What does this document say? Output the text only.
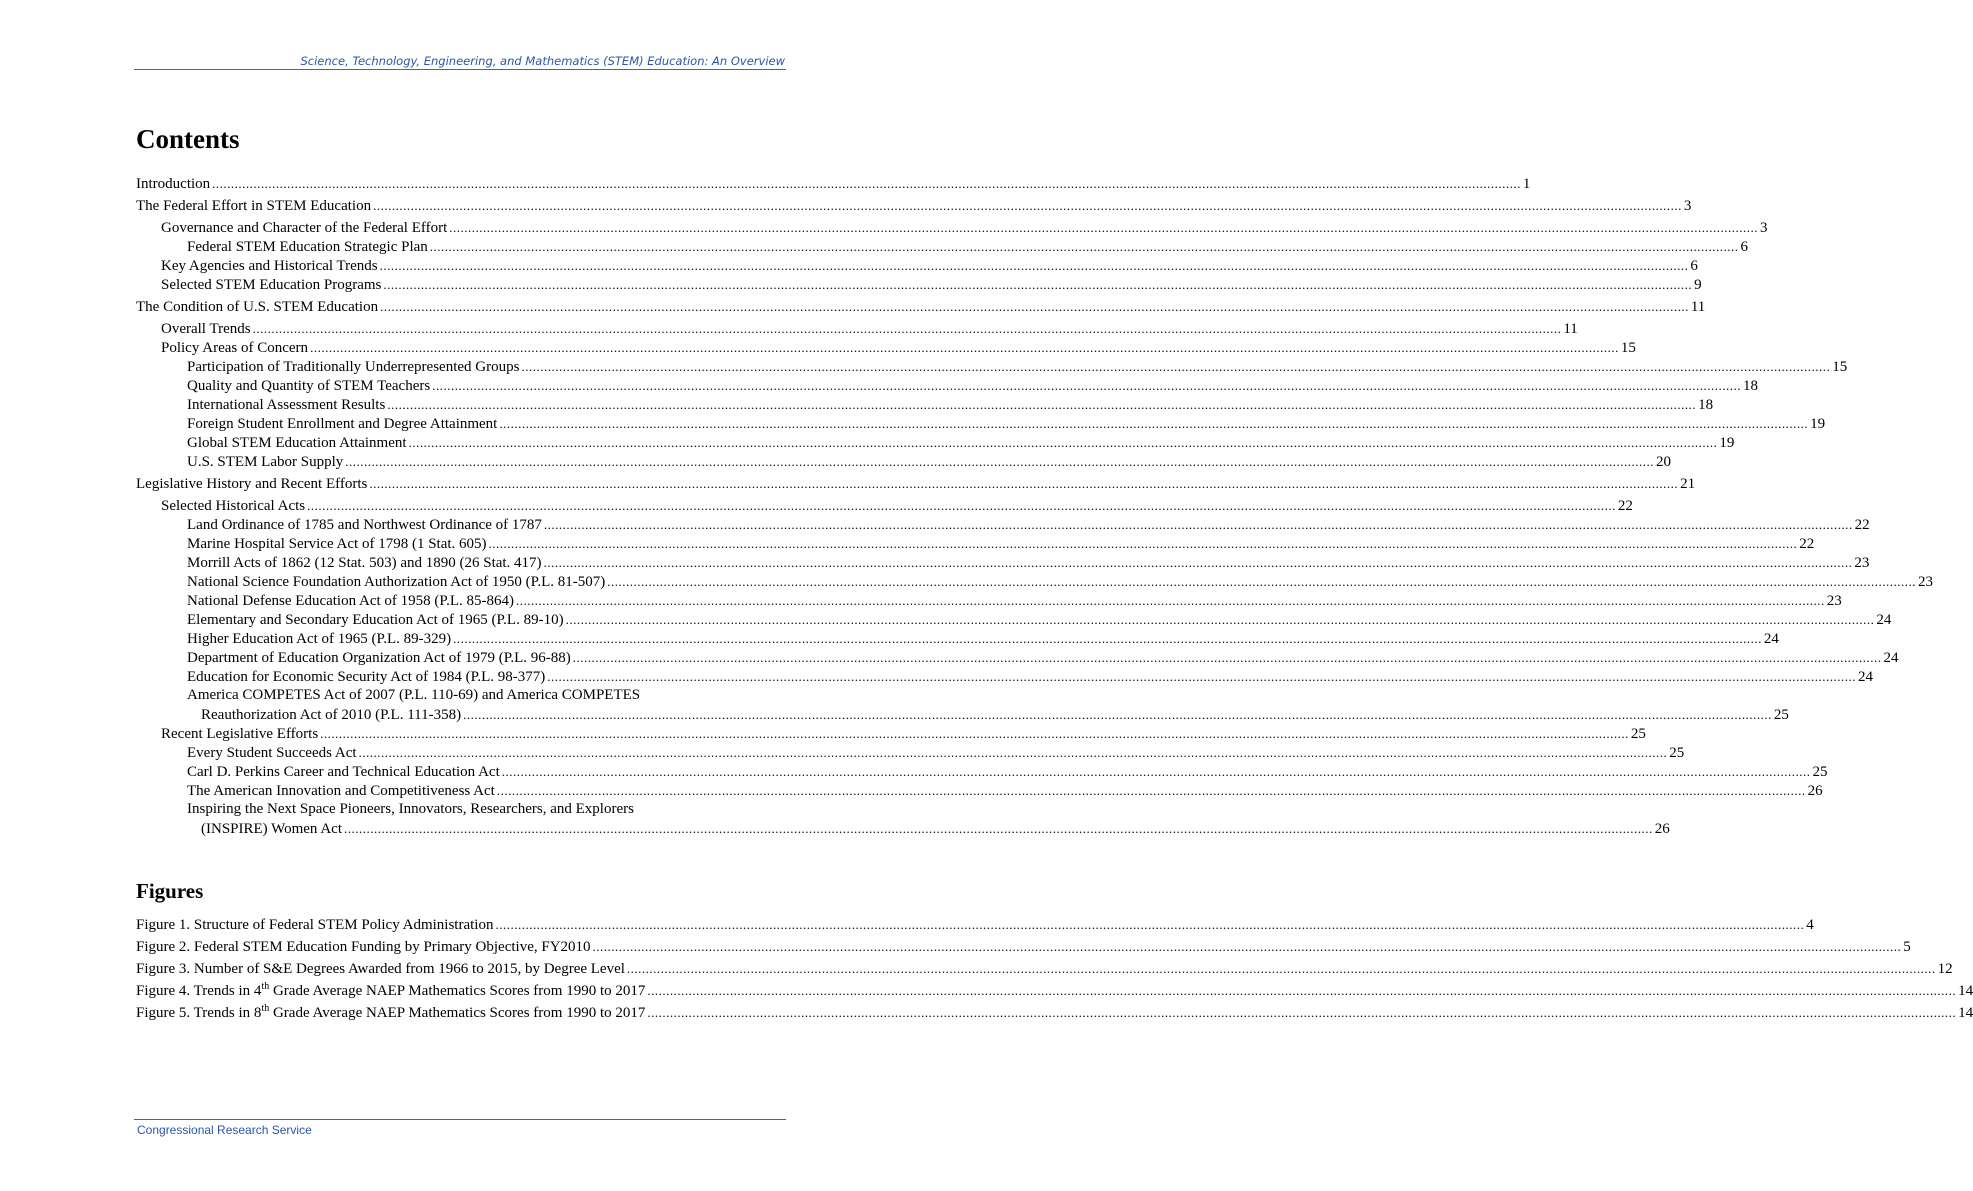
Science, Technology, Engineering, and Mathematics (STEM) Education: An Overview
Contents
Introduction .....	1
The Federal Effort in STEM Education .....	3
Governance and Character of the Federal Effort .....	3
Federal STEM Education Strategic Plan .....	6
Key Agencies and Historical Trends .....	6
Selected STEM Education Programs .....	9
The Condition of U.S. STEM Education .....	11
Overall Trends .....	11
Policy Areas of Concern .....	15
Participation of Traditionally Underrepresented Groups .....	15
Quality and Quantity of STEM Teachers .....	18
International Assessment Results .....	18
Foreign Student Enrollment and Degree Attainment .....	19
Global STEM Education Attainment .....	19
U.S. STEM Labor Supply .....	20
Legislative History and Recent Efforts .....	21
Selected Historical Acts .....	22
Land Ordinance of 1785 and Northwest Ordinance of 1787 .....	22
Marine Hospital Service Act of 1798 (1 Stat. 605) .....	22
Morrill Acts of 1862 (12 Stat. 503) and 1890 (26 Stat. 417) .....	23
National Science Foundation Authorization Act of 1950 (P.L. 81-507) .....	23
National Defense Education Act of 1958 (P.L. 85-864) .....	23
Elementary and Secondary Education Act of 1965 (P.L. 89-10) .....	24
Higher Education Act of 1965 (P.L. 89-329) .....	24
Department of Education Organization Act of 1979 (P.L. 96-88) .....	24
Education for Economic Security Act of 1984 (P.L. 98-377) .....	24
America COMPETES Act of 2007 (P.L. 110-69) and America COMPETES
Reauthorization Act of 2010 (P.L. 111-358) .....	25
Recent Legislative Efforts .....	25
Every Student Succeeds Act .....	25
Carl D. Perkins Career and Technical Education Act .....	25
The American Innovation and Competitiveness Act .....	26
Inspiring the Next Space Pioneers, Innovators, Researchers, and Explorers
(INSPIRE) Women Act .....	26
Figures
Figure 1. Structure of Federal STEM Policy Administration .....	4
Figure 2. Federal STEM Education Funding by Primary Objective, FY2010 .....	5
Figure 3. Number of S&E Degrees Awarded from 1966 to 2015, by Degree Level .....	12
Figure 4. Trends in 4th Grade Average NAEP Mathematics Scores from 1990 to 2017 .....	14
Figure 5. Trends in 8th Grade Average NAEP Mathematics Scores from 1990 to 2017 .....	14
Congressional Research Service
